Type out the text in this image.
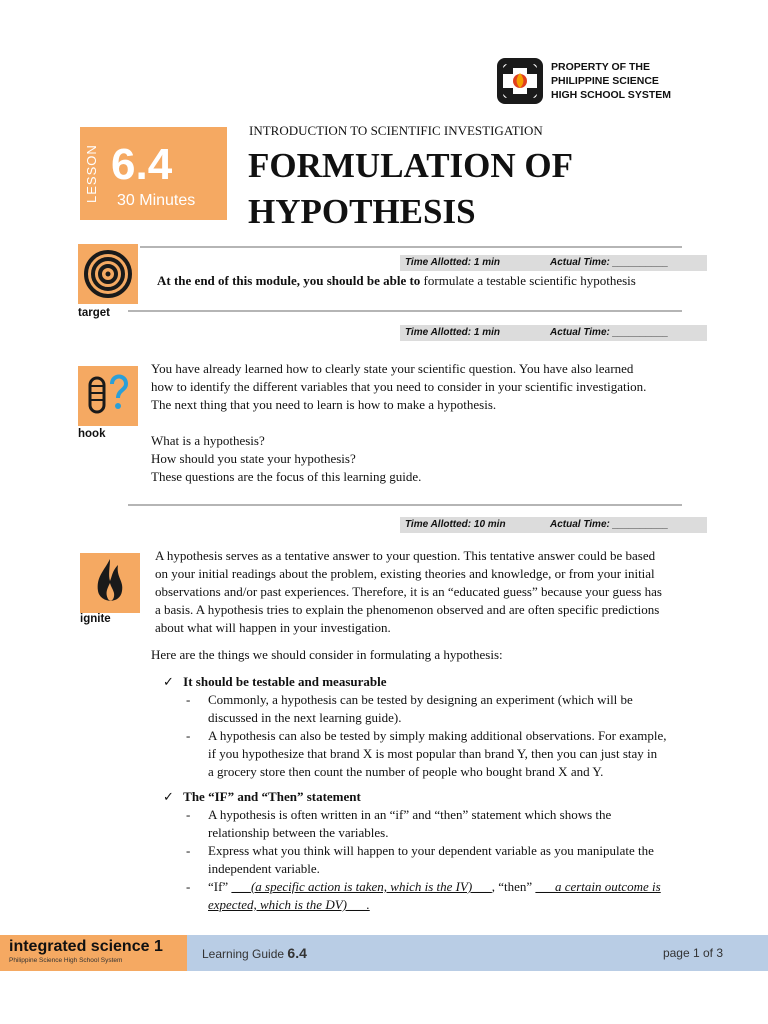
PROPERTY OF THE
PHILIPPINE SCIENCE
HIGH SCHOOL SYSTEM
LESSON 6.4
30 Minutes
INTRODUCTION TO SCIENTIFIC INVESTIGATION
FORMULATION OF
HYPOTHESIS
Time Allotted: 1 min	Actual Time: __________
target
At the end of this module, you should be able to formulate a testable scientific hypothesis
Time Allotted: 1 min	Actual Time: __________
hook
You have already learned how to clearly state your scientific question. You have also learned
how to identify the different variables that you need to consider in your scientific investigation.
The next thing that you need to learn is how to make a hypothesis.
What is a hypothesis?
How should you state your hypothesis?
These questions are the focus of this learning guide.
Time Allotted: 10 min	Actual Time: __________
ignite
A hypothesis serves as a tentative answer to your question. This tentative answer could be based
on your initial readings about the problem, existing theories and knowledge, or from your initial
observations and/or past experiences. Therefore, it is an “educated guess” because your guess has
a basis. A hypothesis tries to explain the phenomenon observed and are often specific predictions
about what will happen in your investigation.
Here are the things we should consider in formulating a hypothesis:
✓ It should be testable and measurable
-	Commonly, a hypothesis can be tested by designing an experiment (which will be
discussed in the next learning guide).
-	A hypothesis can also be tested by simply making additional observations. For example,
if you hypothesize that brand X is most popular than brand Y, then you can just stay in
a grocery store then count the number of people who bought brand X and Y.
✓ The “IF” and “Then” statement
-	A hypothesis is often written in an “if” and “then” statement which shows the
relationship between the variables.
-	Express what you think will happen to your dependent variable as you manipulate the
independent variable.
-	“If” ___(a specific action is taken, which is the IV)___, “then” ___a certain outcome is
expected, which is the DV)___.
integrated science 1
Philippine Science High School System	Learning Guide 6.4	page 1 of 3
